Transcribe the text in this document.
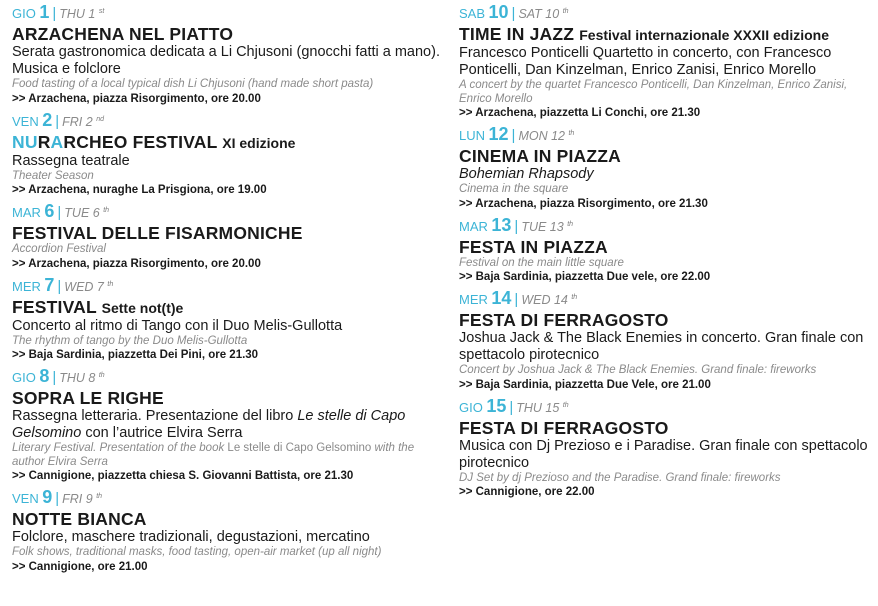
GIO 1 | THU 1 $^{st}$
ARZACHENA NEL PIATTO
Serata gastronomica dedicata a Li Chjusoni (gnocchi fatti a mano). Musica e folclore
Food tasting of a local typical dish Li Chjusoni (hand made short pasta)
>> Arzachena, piazza Risorgimento, ore 20.00
VEN 2 | FRI 2 $^{nd}$
NURARCHEO FESTIVAL XI edizione
Rassegna teatrale
Theater Season
>> Arzachena, nuraghe La Prisgiona, ore 19.00
MAR 6 | TUE 6 $^{th}$
FESTIVAL DELLE FISARMONICHE
Accordion Festival
>> Arzachena, piazza Risorgimento, ore 20.00
MER 7 | WED 7 $^{th}$
FESTIVAL Sette not(t)e
Concerto al ritmo di Tango con il Duo Melis-Gullotta
The rhythm of tango by the Duo Melis-Gullotta
>> Baja Sardinia, piazzetta Dei Pini, ore 21.30
GIO 8 | THU 8 $^{th}$
SOPRA LE RIGHE
Rassegna letteraria. Presentazione del libro Le stelle di Capo Gelsomino con l’autrice Elvira Serra
Literary Festival. Presentation of the book Le stelle di Capo Gelsomino with the author Elvira Serra
>> Cannigione, piazzetta chiesa S. Giovanni Battista, ore 21.30
VEN 9 | FRI 9 $^{th}$
NOTTE BIANCA
Folclore, maschere tradizionali, degustazioni, mercatino
Folk shows, traditional masks, food tasting, open-air market (up all night)
>> Cannigione, ore 21.00
SAB 10 | SAT 10 $^{th}$
TIME IN JAZZ Festival internazionale XXXII edizione
Francesco Ponticelli Quartetto in concerto, con Francesco Ponticelli, Dan Kinzelman, Enrico Zanisi, Enrico Morello
A concert by the quartet Francesco Ponticelli, Dan Kinzelman, Enrico Zanisi, Enrico Morello
>> Arzachena, piazzetta Li Conchi, ore 21.30
LUN 12 | MON 12 $^{th}$
CINEMA IN PIAZZA
Bohemian Rhapsody
Cinema in the square
>> Arzachena, piazza Risorgimento, ore 21.30
MAR 13 | TUE 13 $^{th}$
FESTA IN PIAZZA
Festival on the main little square
>> Baja Sardinia, piazzetta Due vele, ore 22.00
MER 14 | WED 14 $^{th}$
FESTA DI FERRAGOSTO
Joshua Jack & The Black Enemies in concerto. Gran finale con spettacolo pirotecnico
Concert by Joshua Jack & The Black Enemies. Grand finale: fireworks
>> Baja Sardinia, piazzetta Due Vele, ore 21.00
GIO 15 | THU 15 $^{th}$
FESTA DI FERRAGOSTO
Musica con Dj Prezioso e i Paradise. Gran finale con spettacolo pirotecnico
DJ Set by dj Prezioso and the Paradise. Grand finale: fireworks
>> Cannigione, ore 22.00
